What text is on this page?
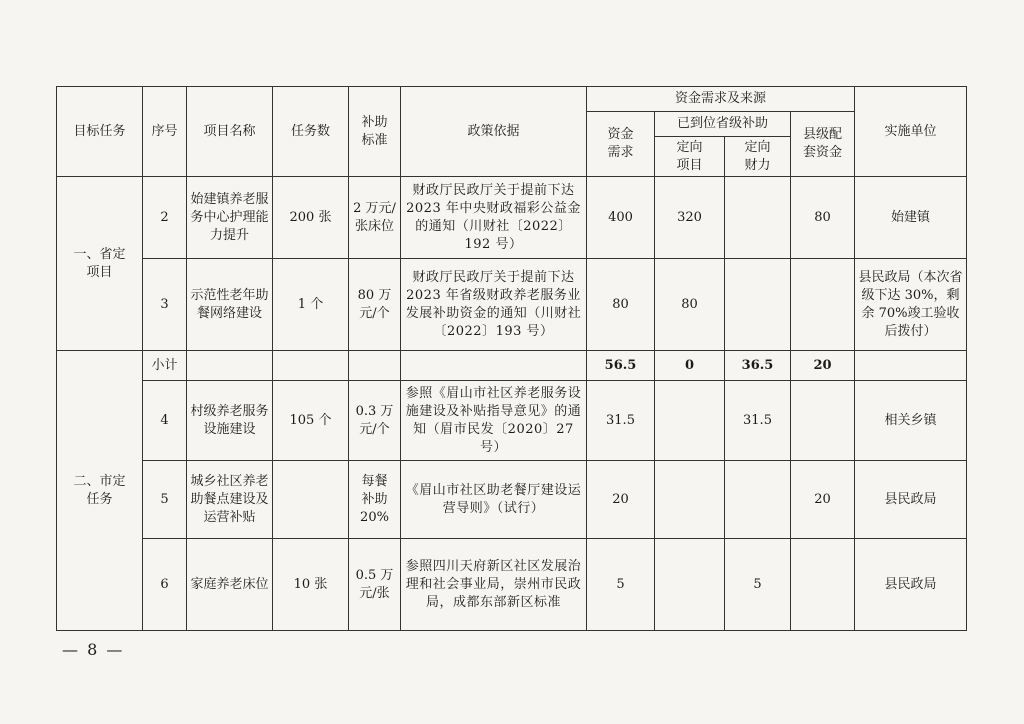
目标任务	序号	项目名称	任务数	补助标准	政策依据	资金需求及来源				实施单位
						资金需求	已到位省级补助		县级配套资金	
							定向项目	定向财力		
一、省定项目	2	始建镇养老服务中心护理能力提升	200 张	2 万元/张床位	财政厅民政厅关于提前下达 2023 年中央财政福彩公益金的通知（川财社〔2022〕192 号）	400	320		80	始建镇
	3	示范性老年助餐网络建设	1 个	80 万元/个	财政厅民政厅关于提前下达 2023 年省级财政养老服务业发展补助资金的通知（川财社〔2022〕193 号）	80	80			县民政局（本次省级下达 30%，剩余 70%竣工验收后拨付）
二、市定任务	小计					56.5	0	36.5	20	
	4	村级养老服务设施建设	105 个	0.3 万元/个	参照《眉山市社区养老服务设施建设及补贴指导意见》的通知（眉市民发〔2020〕27 号）	31.5		31.5		相关乡镇
	5	城乡社区养老助餐点建设及运营补贴		每餐补助20%	《眉山市社区助老餐厅建设运营导则》（试行）	20			20	县民政局
	6	家庭养老床位	10 张	0.5 万元/张	参照四川天府新区社区发展治理和社会事业局，崇州市民政局，成都东部新区标准	5		5		县民政局
— 8 —
